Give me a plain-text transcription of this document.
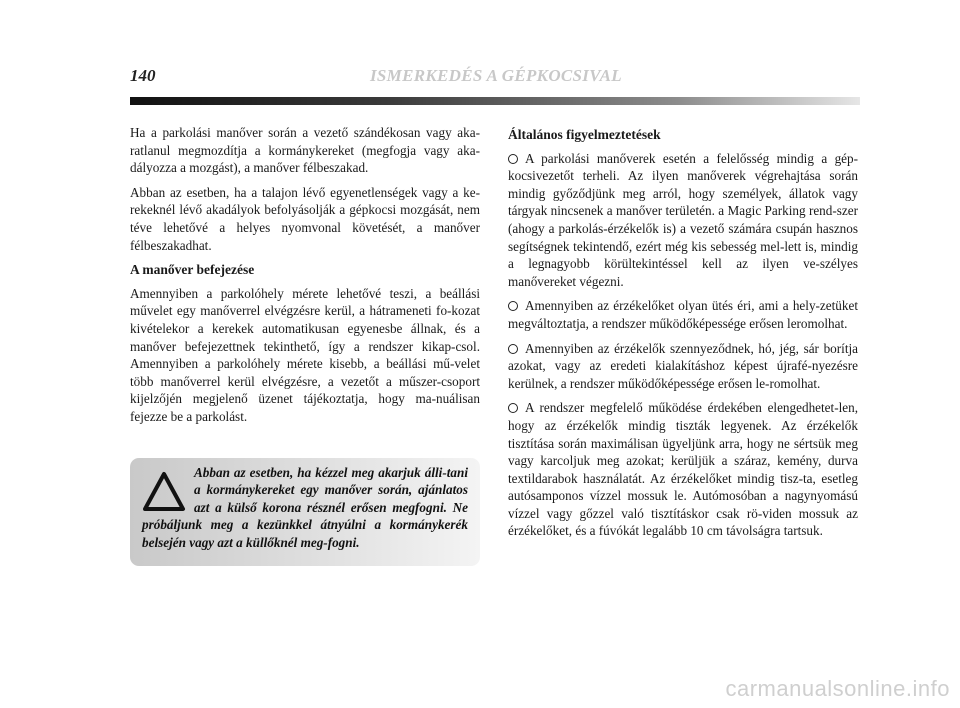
140	ISMERKEDÉS A GÉPKOCSIVAL

Ha a parkolási manőver során a vezető szándékosan vagy aka-ratlanul megmozdítja a kormánykereket (megfogja vagy aka-dályozza a mozgást), a manőver félbeszakad.

Abban az esetben, ha a talajon lévő egyenetlenségek vagy a ke-rekeknél lévő akadályok befolyásolják a gépkocsi mozgását, nem téve lehetővé a helyes nyomvonal követését, a manőver félbeszakadhat.

A manőver befejezése

Amennyiben a parkolóhely mérete lehetővé teszi, a beállási művelet egy manőverrel elvégzésre kerül, a hátrameneti fo-kozat kivételekor a kerekek automatikusan egyenesbe állnak, és a manőver befejezettnek tekinthető, így a rendszer kikap-csol. Amennyiben a parkolóhely mérete kisebb, a beállási mű-velet több manőverrel kerül elvégzésre, a vezetőt a műszer-csoport kijelzőjén megjelenő üzenet tájékoztatja, hogy ma-nuálisan fejezze be a parkolást.

Abban az esetben, ha kézzel meg akarjuk álli-tani a kormánykereket egy manőver során, ajánlatos azt a külső korona résznél erősen megfogni. Ne próbáljunk meg a kezünkkel átnyúlni a kormánykerék belsején vagy azt a küllőknél meg-fogni.

Általános figyelmeztetések

A parkolási manőverek esetén a felelősség mindig a gép-kocsivezetőt terheli. Az ilyen manőverek végrehajtása során mindig győződjünk meg arról, hogy személyek, állatok vagy tárgyak nincsenek a manőver területén. a Magic Parking rend-szer (ahogy a parkolás-érzékelők is) a vezető számára csupán hasznos segítségnek tekintendő, ezért még kis sebesség mel-lett is, mindig a legnagyobb körültekintéssel kell az ilyen ve-szélyes manővereket végezni.

Amennyiben az érzékelőket olyan ütés éri, ami a hely-zetüket megváltoztatja, a rendszer működőképessége erősen leromolhat.

Amennyiben az érzékelők szennyeződnek, hó, jég, sár borítja azokat, vagy az eredeti kialakításhoz képest újrafé-nyezésre kerülnek, a rendszer működőképessége erősen le-romolhat.

A rendszer megfelelő működése érdekében elengedhetet-len, hogy az érzékelők mindig tiszták legyenek. Az érzékelők tisztítása során maximálisan ügyeljünk arra, hogy ne sértsük meg vagy karcoljuk meg azokat; kerüljük a száraz, kemény, durva textildarabok használatát. Az érzékelőket mindig tisz-ta, esetleg autósamponos vízzel mossuk le. Autómosóban a nagynyomású vízzel vagy gőzzel való tisztításkor csak rö-viden mossuk az érzékelőket, és a fúvókát legalább 10 cm távolságra tartsuk.

carmanualsonline.info
